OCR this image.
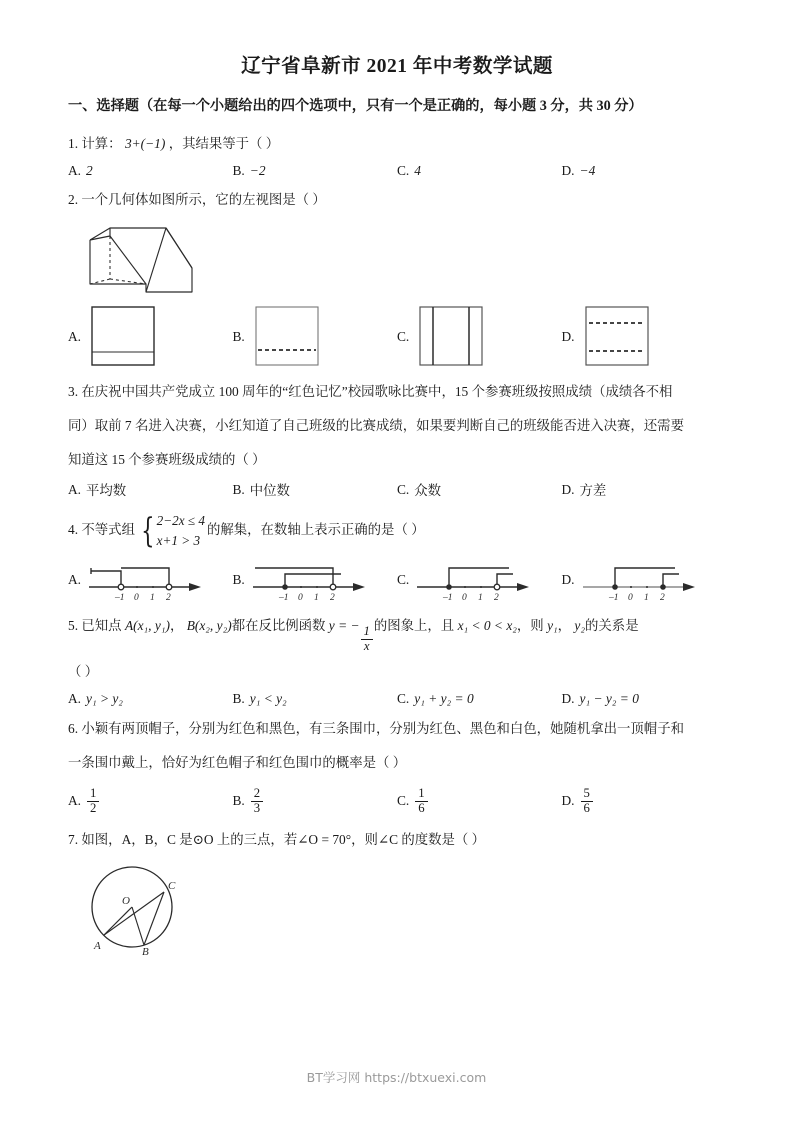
辽宁省阜新市 2021 年中考数学试题
一、选择题（在每一个小题给出的四个选项中，只有一个是正确的，每小题 3 分，共 30 分）
1. 计算： 3+(−1) ，其结果等于（ ）
A. 2	B. −2	C. 4	D. −4
2. 一个几何体如图所示，它的左视图是（ ）
A.	B.	C.	D.
3. 在庆祝中国共产党成立 100 周年的“红色记忆”校园歌咏比赛中，15 个参赛班级按照成绩（成绩各不相
同）取前 7 名进入决赛，小红知道了自己班级的比赛成绩，如果要判断自己的班级能否进入决赛，还需要
知道这 15 个参赛班级成绩的（ ）
A. 平均数	B. 中位数	C. 众数	D. 方差
4. 不等式组 { 2−2x ≤ 4
x+1 > 3
的解集，在数轴上表示正确的是（ ）
A.
–1 0 1 2
B.
–1 0 1 2
C.
–1 0 1 2
D.
–1 0 1 2
5. 已知点 A(x₁, y₁)， B(x₂, y₂)都在反比例函数 y = −
$\frac{1}{x}$
的图象上，且 x₁ < 0 < x₂，则 y₁， y₂的关系是
（ ）
A. y₁ > y₂	B. y₁ < y₂	C. y₁ + y₂ = 0	D. y₁ − y₂ = 0
6. 小颖有两顶帽子，分别为红色和黑色，有三条围巾，分别为红色、黑色和白色，她随机拿出一顶帽子和
一条围巾戴上，恰好为红色帽子和红色围巾的概率是（ ）
A. $\frac{1}{2}$	B. $\frac{2}{3}$	C. $\frac{1}{6}$	D. $\frac{5}{6}$
7. 如图，A，B，C 是⊙O 上的三点，若∠O = 70°，则∠C 的度数是（ ）
O
C
A	B
BT学习网 https://btxuexi.com
